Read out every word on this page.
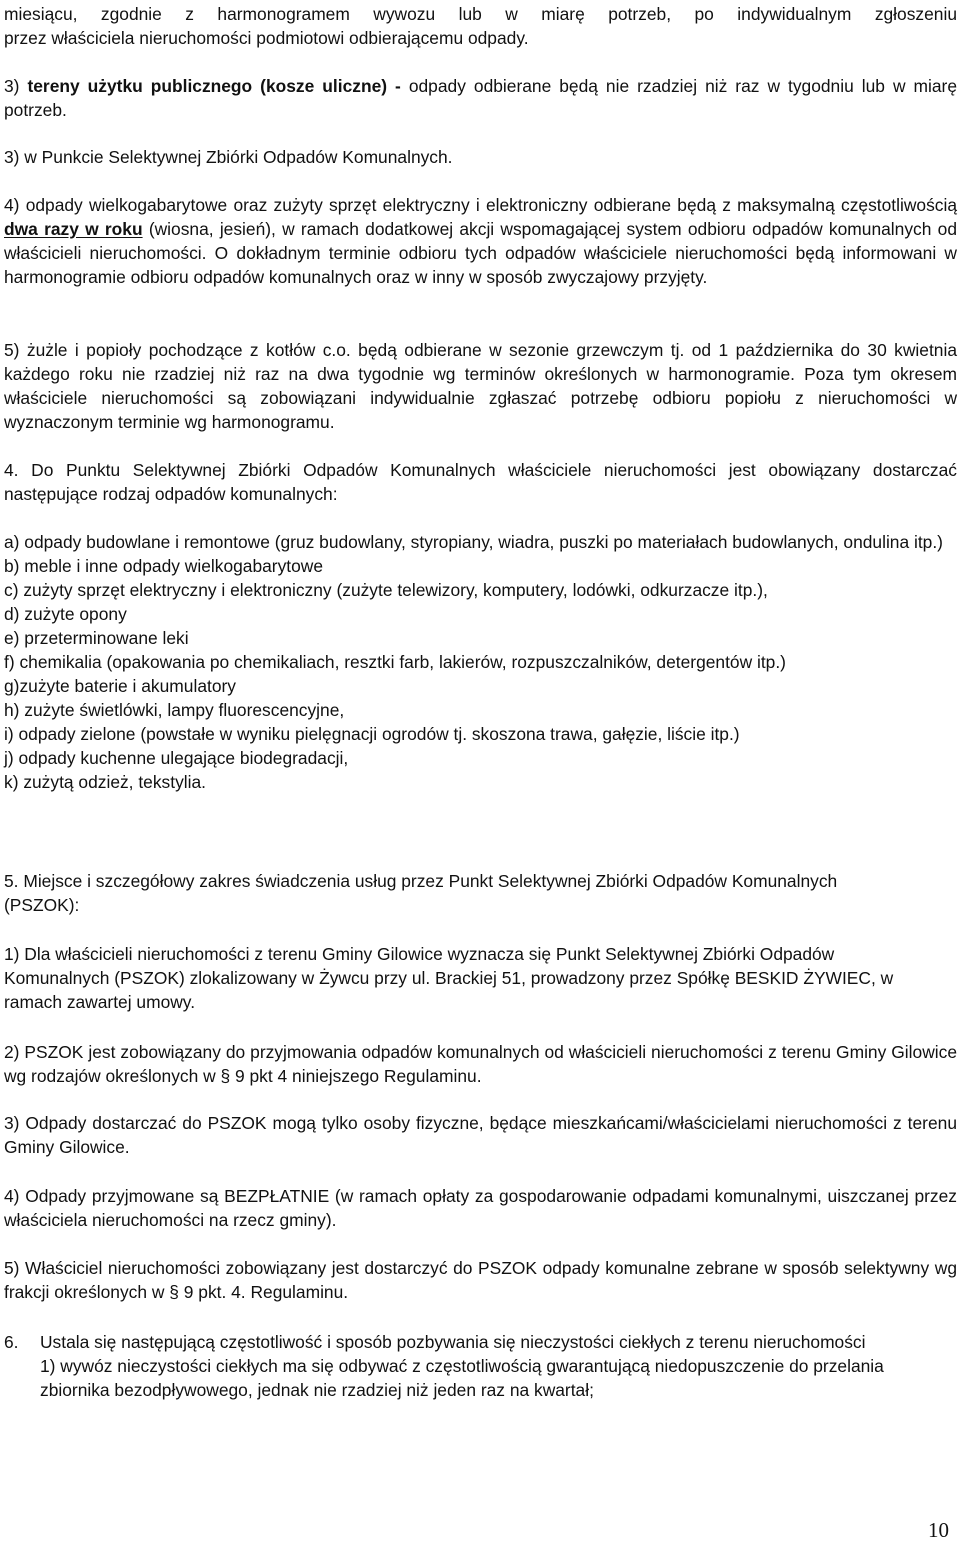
miesiącu, zgodnie z harmonogramem wywozu lub w miarę potrzeb, po indywidualnym zgłoszeniu

przez właściciela nieruchomości podmiotowi odbierającemu odpady.

3) tereny użytku publicznego (kosze uliczne) - odpady odbierane będą nie rzadziej niż raz w tygodniu lub w miarę potrzeb.

3) w Punkcie Selektywnej Zbiórki Odpadów Komunalnych.

4) odpady wielkogabarytowe oraz zużyty sprzęt elektryczny i elektroniczny odbierane będą z maksymalną częstotliwością dwa razy w roku (wiosna, jesień), w ramach dodatkowej akcji wspomagającej system odbioru odpadów komunalnych od właścicieli nieruchomości. O dokładnym terminie odbioru tych odpadów właściciele nieruchomości będą informowani w harmonogramie odbioru odpadów komunalnych oraz w inny w sposób zwyczajowy przyjęty.

5) żużle i popioły pochodzące z kotłów c.o. będą odbierane w sezonie grzewczym tj. od 1 października do 30 kwietnia każdego roku nie rzadziej niż raz na dwa tygodnie wg terminów określonych w harmonogramie. Poza tym okresem właściciele nieruchomości są zobowiązani indywidualnie zgłaszać potrzebę odbioru popiołu z nieruchomości w wyznaczonym terminie wg harmonogramu.

4. Do Punktu Selektywnej Zbiórki Odpadów Komunalnych właściciele nieruchomości jest obowiązany dostarczać następujące rodzaj odpadów komunalnych:

a) odpady budowlane i remontowe (gruz budowlany, styropiany, wiadra, puszki po materiałach budowlanych, ondulina itp.)
b) meble i inne odpady wielkogabarytowe
c) zużyty sprzęt elektryczny i elektroniczny (zużyte telewizory, komputery, lodówki, odkurzacze itp.),
d) zużyte opony
e) przeterminowane leki
f) chemikalia (opakowania po chemikaliach, resztki farb, lakierów, rozpuszczalników, detergentów itp.)
g)zużyte baterie i akumulatory
h) zużyte świetlówki, lampy fluorescencyjne,
i) odpady zielone (powstałe w wyniku pielęgnacji ogrodów tj. skoszona trawa, gałęzie, liście itp.)
j) odpady kuchenne ulegające biodegradacji,
k) zużytą odzież, tekstylia.

5. Miejsce i szczegółowy zakres świadczenia usług przez Punkt Selektywnej Zbiórki Odpadów Komunalnych (PSZOK):

1) Dla właścicieli nieruchomości z terenu Gminy Gilowice wyznacza się Punkt Selektywnej Zbiórki Odpadów Komunalnych (PSZOK) zlokalizowany w Żywcu przy ul. Brackiej 51, prowadzony przez Spółkę BESKID ŻYWIEC, w ramach zawartej umowy.

2) PSZOK jest zobowiązany do przyjmowania odpadów komunalnych od właścicieli nieruchomości z terenu Gminy Gilowice wg rodzajów określonych w § 9 pkt 4 niniejszego Regulaminu.

3) Odpady dostarczać do PSZOK mogą tylko osoby fizyczne, będące mieszkańcami/właścicielami nieruchomości z terenu Gminy Gilowice.

4) Odpady przyjmowane są BEZPŁATNIE (w ramach opłaty za gospodarowanie odpadami komunalnymi, uiszczanej przez właściciela nieruchomości na rzecz gminy).

5) Właściciel nieruchomości zobowiązany jest dostarczyć do PSZOK odpady komunalne zebrane w sposób selektywny wg frakcji określonych w § 9 pkt. 4. Regulaminu.

6. Ustala się następującą częstotliwość i sposób pozbywania się nieczystości ciekłych z terenu nieruchomości
1) wywóz nieczystości ciekłych ma się odbywać z częstotliwością gwarantującą niedopuszczenie do przelania zbiornika bezodpływowego, jednak nie rzadziej niż jeden raz na kwartał;

10
